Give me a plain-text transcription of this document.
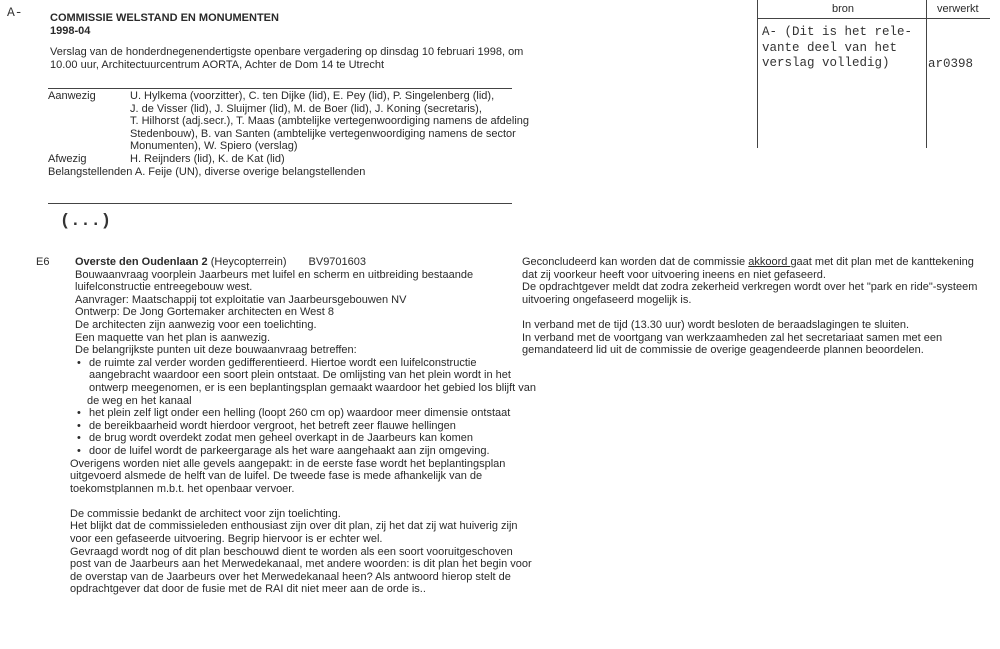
A- COMMISSIE WELSTAND EN MONUMENTEN
1998-04
Verslag van de honderdnegenendertigste openbare vergadering op dinsdag 10 februari 1998, om
10.00 uur, Architectuurcentrum AORTA, Achter de Dom 14 te Utrecht
Aanwezig	U. Hylkema (voorzitter), C. ten Dijke (lid), E. Pey (lid), P. Singelenberg (lid),
J. de Visser (lid), J. Sluijmer (lid), M. de Boer (lid), J. Koning (secretaris),
T. Hilhorst (adj.secr.), T. Maas (ambtelijke vertegenwoordiging namens de afdeling
Stedenbouw), B. van Santen (ambtelijke vertegenwoordiging namens de sector
Monumenten), W. Spiero (verslag)
Afwezig	H. Reijnders (lid), K. de Kat (lid)
Belangstellenden A. Feije (UN), diverse overige belangstellenden
(...)
bron	verwerkt
A- (Dit is het rele-
vante deel van het
verslag volledig)	ar0398
E6 Overste den Oudenlaan 2 (Heycopterrein) BV9701603
Bouwaanvraag voorplein Jaarbeurs met luifel en scherm en uitbreiding bestaande
luifelconstructie entreegebouw west.
Aanvrager: Maatschappij tot exploitatie van Jaarbeursgebouwen NV
Ontwerp: De Jong Gortemaker architecten en West 8
De architecten zijn aanwezig voor een toelichting.
Een maquette van het plan is aanwezig.
De belangrijkste punten uit deze bouwaanvraag betreffen:
• de ruimte zal verder worden gedifferentieerd. Hiertoe wordt een luifelconstructie
aangebracht waardoor een soort plein ontstaat. De omlijsting van het plein wordt in het
ontwerp meegenomen, er is een beplantingsplan gemaakt waardoor het gebied los blijft van
de weg en het kanaal
• het plein zelf ligt onder een helling (loopt 260 cm op) waardoor meer dimensie ontstaat
• de bereikbaarheid wordt hierdoor vergroot, het betreft zeer flauwe hellingen
• de brug wordt overdekt zodat men geheel overkapt in de Jaarbeurs kan komen
• door de luifel wordt de parkeergarage als het ware aangehaakt aan zijn omgeving.
Overigens worden niet alle gevels aangepakt: in de eerste fase wordt het beplantingsplan
uitgevoerd alsmede de helft van de luifel. De tweede fase is mede afhankelijk van de
toekomstplannen m.b.t. het openbaar vervoer.
De commissie bedankt de architect voor zijn toelichting.
Het blijkt dat de commissieleden enthousiast zijn over dit plan, zij het dat zij wat huiverig zijn
voor een gefaseerde uitvoering. Begrip hiervoor is er echter wel.
Gevraagd wordt nog of dit plan beschouwd dient te worden als een soort vooruitgeschoven
post van de Jaarbeurs aan het Merwedekanaal, met andere woorden: is dit plan het begin voor
de overstap van de Jaarbeurs over het Merwedekanaal heen? Als antwoord hierop stelt de
opdrachtgever dat door de fusie met de RAI dit niet meer aan de orde is..
Geconcludeerd kan worden dat de commissie akkoord gaat met dit plan met de kanttekening
dat zij voorkeur heeft voor uitvoering ineens en niet gefaseerd.
De opdrachtgever meldt dat zodra zekerheid verkregen wordt over het "park en ride"-systeem
uitvoering ongefaseerd mogelijk is.
In verband met de tijd (13.30 uur) wordt besloten de beraadslagingen te sluiten.
In verband met de voortgang van werkzaamheden zal het secretariaat samen met een
gemandateerd lid uit de commissie de overige geagendeerde plannen beoordelen.
